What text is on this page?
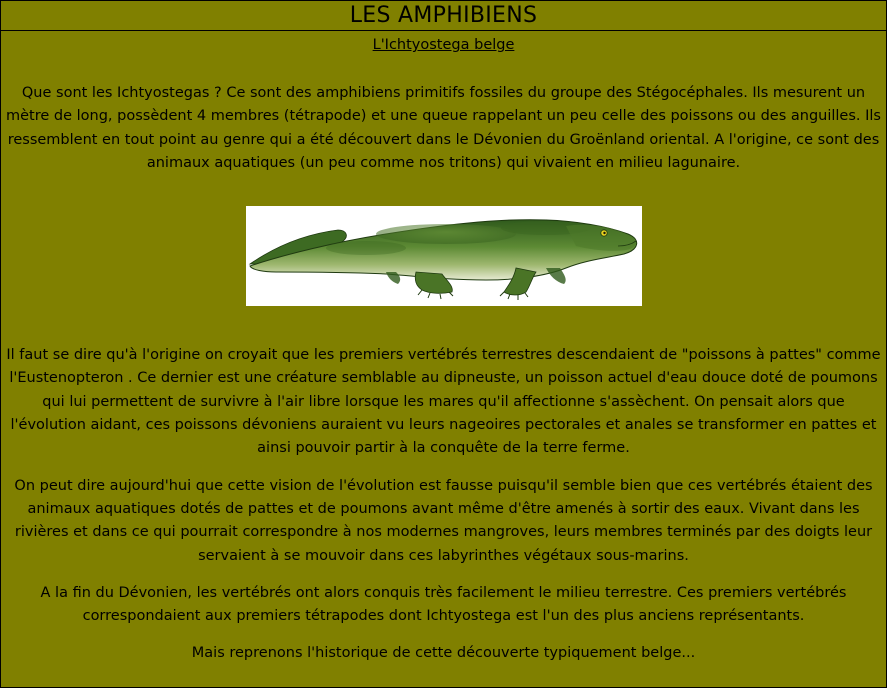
LES AMPHIBIENS
L'Ichtyostega belge

Que sont les Ichtyostegas ? Ce sont des amphibiens primitifs fossiles du groupe des Stégocéphales. Ils mesurent un mètre de long, possèdent 4 membres (tétrapode) et une queue rappelant un peu celle des poissons ou des anguilles. Ils ressemblent en tout point au genre qui a été découvert dans le Dévonien du Groënland oriental. A l'origine, ce sont des animaux aquatiques (un peu comme nos tritons) qui vivaient en milieu lagunaire.

Il faut se dire qu'à l'origine on croyait que les premiers vertébrés terrestres descendaient de "poissons à pattes" comme l'Eustenopteron . Ce dernier est une créature semblable au dipneuste, un poisson actuel d'eau douce doté de poumons qui lui permettent de survivre à l'air libre lorsque les mares qu'il affectionne s'assèchent. On pensait alors que l'évolution aidant, ces poissons dévoniens auraient vu leurs nageoires pectorales et anales se transformer en pattes et ainsi pouvoir partir à la conquête de la terre ferme.

On peut dire aujourd'hui que cette vision de l'évolution est fausse puisqu'il semble bien que ces vertébrés étaient des animaux aquatiques dotés de pattes et de poumons avant même d'être amenés à sortir des eaux. Vivant dans les rivières et dans ce qui pourrait correspondre à nos modernes mangroves, leurs membres terminés par des doigts leur servaient à se mouvoir dans ces labyrinthes végétaux sous-marins.

A la fin du Dévonien, les vertébrés ont alors conquis très facilement le milieu terrestre. Ces premiers vertébrés correspondaient aux premiers tétrapodes dont Ichtyostega est l'un des plus anciens représentants.

Mais reprenons l'historique de cette découverte typiquement belge...
